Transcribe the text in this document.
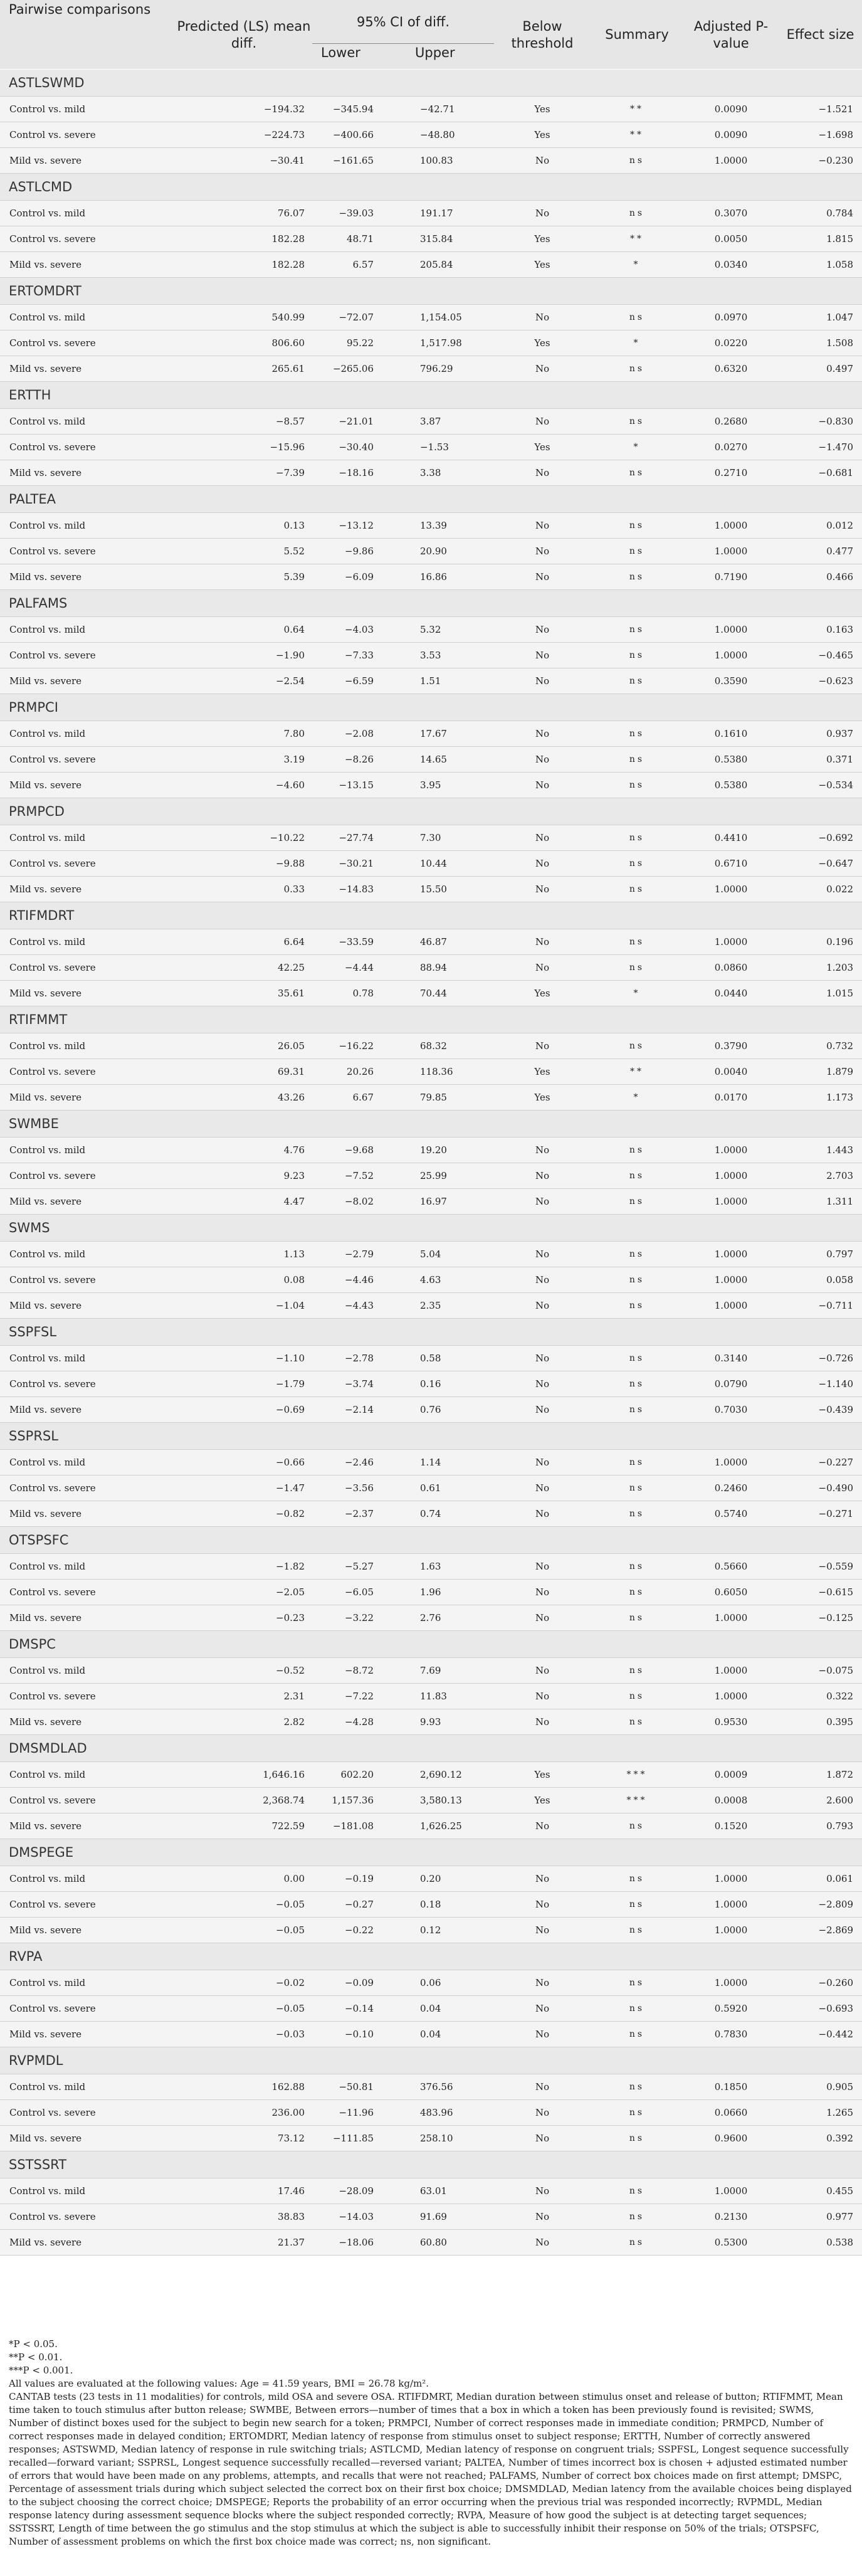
Pairwise comparisons	Predicted (LS) mean diff.	95% CI of diff.		Below threshold	Summary	Adjusted P-value	Effect size
		Lower	Upper				
ASTLSWMD							
Control vs. mild	−194.32	−345.94	−42.71	Yes	**	0.0090	−1.521
Control vs. severe	−224.73	−400.66	−48.80	Yes	**	0.0090	−1.698
Mild vs. severe	−30.41	−161.65	100.83	No	ns	1.0000	−0.230
ASTLCMD							
Control vs. mild	76.07	−39.03	191.17	No	ns	0.3070	0.784
Control vs. severe	182.28	48.71	315.84	Yes	**	0.0050	1.815
Mild vs. severe	182.28	6.57	205.84	Yes	*	0.0340	1.058
ERTOMDRT							
Control vs. mild	540.99	−72.07	1,154.05	No	ns	0.0970	1.047
Control vs. severe	806.60	95.22	1,517.98	Yes	*	0.0220	1.508
Mild vs. severe	265.61	−265.06	796.29	No	ns	0.6320	0.497
ERTTH							
Control vs. mild	−8.57	−21.01	3.87	No	ns	0.2680	−0.830
Control vs. severe	−15.96	−30.40	−1.53	Yes	*	0.0270	−1.470
Mild vs. severe	−7.39	−18.16	3.38	No	ns	0.2710	−0.681
PALTEA							
Control vs. mild	0.13	−13.12	13.39	No	ns	1.0000	0.012
Control vs. severe	5.52	−9.86	20.90	No	ns	1.0000	0.477
Mild vs. severe	5.39	−6.09	16.86	No	ns	0.7190	0.466
PALFAMS							
Control vs. mild	0.64	−4.03	5.32	No	ns	1.0000	0.163
Control vs. severe	−1.90	−7.33	3.53	No	ns	1.0000	−0.465
Mild vs. severe	−2.54	−6.59	1.51	No	ns	0.3590	−0.623
PRMPCI							
Control vs. mild	7.80	−2.08	17.67	No	ns	0.1610	0.937
Control vs. severe	3.19	−8.26	14.65	No	ns	0.5380	0.371
Mild vs. severe	−4.60	−13.15	3.95	No	ns	0.5380	−0.534
PRMPCD							
Control vs. mild	−10.22	−27.74	7.30	No	ns	0.4410	−0.692
Control vs. severe	−9.88	−30.21	10.44	No	ns	0.6710	−0.647
Mild vs. severe	0.33	−14.83	15.50	No	ns	1.0000	0.022
RTIFMDRT							
Control vs. mild	6.64	−33.59	46.87	No	ns	1.0000	0.196
Control vs. severe	42.25	−4.44	88.94	No	ns	0.0860	1.203
Mild vs. severe	35.61	0.78	70.44	Yes	*	0.0440	1.015
RTIFMMT							
Control vs. mild	26.05	−16.22	68.32	No	ns	0.3790	0.732
Control vs. severe	69.31	20.26	118.36	Yes	**	0.0040	1.879
Mild vs. severe	43.26	6.67	79.85	Yes	*	0.0170	1.173
SWMBE							
Control vs. mild	4.76	−9.68	19.20	No	ns	1.0000	1.443
Control vs. severe	9.23	−7.52	25.99	No	ns	1.0000	2.703
Mild vs. severe	4.47	−8.02	16.97	No	ns	1.0000	1.311
SWMS							
Control vs. mild	1.13	−2.79	5.04	No	ns	1.0000	0.797
Control vs. severe	0.08	−4.46	4.63	No	ns	1.0000	0.058
Mild vs. severe	−1.04	−4.43	2.35	No	ns	1.0000	−0.711
SSPFSL							
Control vs. mild	−1.10	−2.78	0.58	No	ns	0.3140	−0.726
Control vs. severe	−1.79	−3.74	0.16	No	ns	0.0790	−1.140
Mild vs. severe	−0.69	−2.14	0.76	No	ns	0.7030	−0.439
SSPRSL							
Control vs. mild	−0.66	−2.46	1.14	No	ns	1.0000	−0.227
Control vs. severe	−1.47	−3.56	0.61	No	ns	0.2460	−0.490
Mild vs. severe	−0.82	−2.37	0.74	No	ns	0.5740	−0.271
OTSPSFC							
Control vs. mild	−1.82	−5.27	1.63	No	ns	0.5660	−0.559
Control vs. severe	−2.05	−6.05	1.96	No	ns	0.6050	−0.615
Mild vs. severe	−0.23	−3.22	2.76	No	ns	1.0000	−0.125
DMSPC							
Control vs. mild	−0.52	−8.72	7.69	No	ns	1.0000	−0.075
Control vs. severe	2.31	−7.22	11.83	No	ns	1.0000	0.322
Mild vs. severe	2.82	−4.28	9.93	No	ns	0.9530	0.395
DMSMDLAD							
Control vs. mild	1,646.16	602.20	2,690.12	Yes	***	0.0009	1.872
Control vs. severe	2,368.74	1,157.36	3,580.13	Yes	***	0.0008	2.600
Mild vs. severe	722.59	−181.08	1,626.25	No	ns	0.1520	0.793
DMSPEGE							
Control vs. mild	0.00	−0.19	0.20	No	ns	1.0000	0.061
Control vs. severe	−0.05	−0.27	0.18	No	ns	1.0000	−2.809
Mild vs. severe	−0.05	−0.22	0.12	No	ns	1.0000	−2.869
RVPA							
Control vs. mild	−0.02	−0.09	0.06	No	ns	1.0000	−0.260
Control vs. severe	−0.05	−0.14	0.04	No	ns	0.5920	−0.693
Mild vs. severe	−0.03	−0.10	0.04	No	ns	0.7830	−0.442
RVPMDL							
Control vs. mild	162.88	−50.81	376.56	No	ns	0.1850	0.905
Control vs. severe	236.00	−11.96	483.96	No	ns	0.0660	1.265
Mild vs. severe	73.12	−111.85	258.10	No	ns	0.9600	0.392
SSTSSRT							
Control vs. mild	17.46	−28.09	63.01	No	ns	1.0000	0.455
Control vs. severe	38.83	−14.03	91.69	No	ns	0.2130	0.977
Mild vs. severe	21.37	−18.06	60.80	No	ns	0.5300	0.538

*P < 0.05.

**P < 0.01.

***P < 0.001.

All values are evaluated at the following values: Age = 41.59 years, BMI = 26.78 kg/m².

CANTAB tests (23 tests in 11 modalities) for controls, mild OSA and severe OSA. RTIFDMRT, Median duration between stimulus onset and release of button; RTIFMMT, Mean time taken to touch stimulus after button release; SWMBE, Between errors—number of times that a box in which a token has been previously found is revisited; SWMS, Number of distinct boxes used for the subject to begin new search for a token; PRMPCI, Number of correct responses made in immediate condition; PRMPCD, Number of correct responses made in delayed condition; ERTOMDRT, Median latency of response from stimulus onset to subject response; ERTTH, Number of correctly answered responses; ASTSWMD, Median latency of response in rule switching trials; ASTLCMD, Median latency of response on congruent trials; SSPFSL, Longest sequence successfully recalled—forward variant; SSPRSL, Longest sequence successfully recalled—reversed variant; PALTEA, Number of times incorrect box is chosen + adjusted estimated number of errors that would have been made on any problems, attempts, and recalls that were not reached; PALFAMS, Number of correct box choices made on first attempt; DMSPC, Percentage of assessment trials during which subject selected the correct box on their first box choice; DMSMDLAD, Median latency from the available choices being displayed to the subject choosing the correct choice; DMSPEGE; Reports the probability of an error occurring when the previous trial was responded incorrectly; RVPMDL, Median response latency during assessment sequence blocks where the subject responded correctly; RVPA, Measure of how good the subject is at detecting target sequences; SSTSSRT, Length of time between the go stimulus and the stop stimulus at which the subject is able to successfully inhibit their response on 50% of the trials; OTSPSFC, Number of assessment problems on which the first box choice made was correct; ns, non significant.
